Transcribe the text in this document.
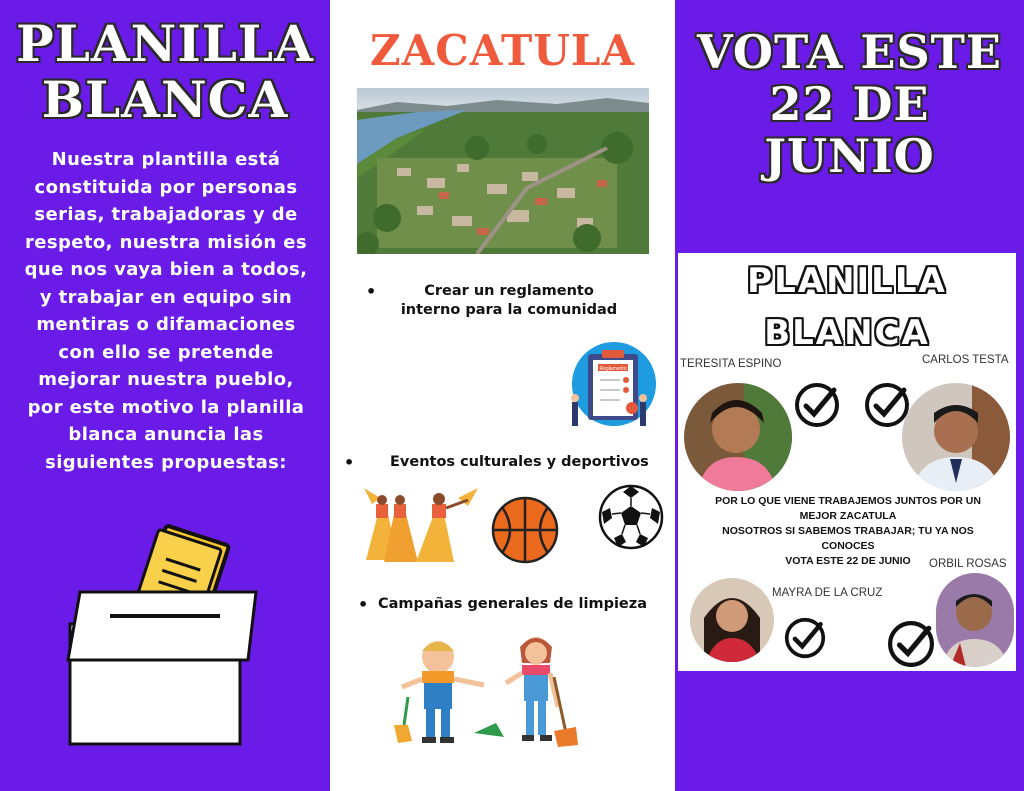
PLANILLA
BLANCA
Nuestra plantilla está constituida por personas serias, trabajadoras y de respeto, nuestra misión es que nos vaya bien a todos, y trabajar en equipo sin mentiras o difamaciones con ello se pretende mejorar nuestra pueblo, por este motivo la planilla blanca anuncia las siguientes propuestas:
ZACATULA
•	Crear un reglamento interno para la comunidad
Reglamento
• Eventos culturales y deportivos
• Campañas generales de limpieza
VOTA ESTE
22 DE
JUNIO
PLANILLA
BLANCA
TERESITA ESPINO	CARLOS TESTA
MAYRA DE LA CRUZ
ORBIL ROSAS
POR LO QUE VIENE TRABAJEMOS JUNTOS POR UN
MEJOR ZACATULA
NOSOTROS SI SABEMOS TRABAJAR; TU YA NOS
CONOCES
VOTA ESTE 22 DE JUNIO
